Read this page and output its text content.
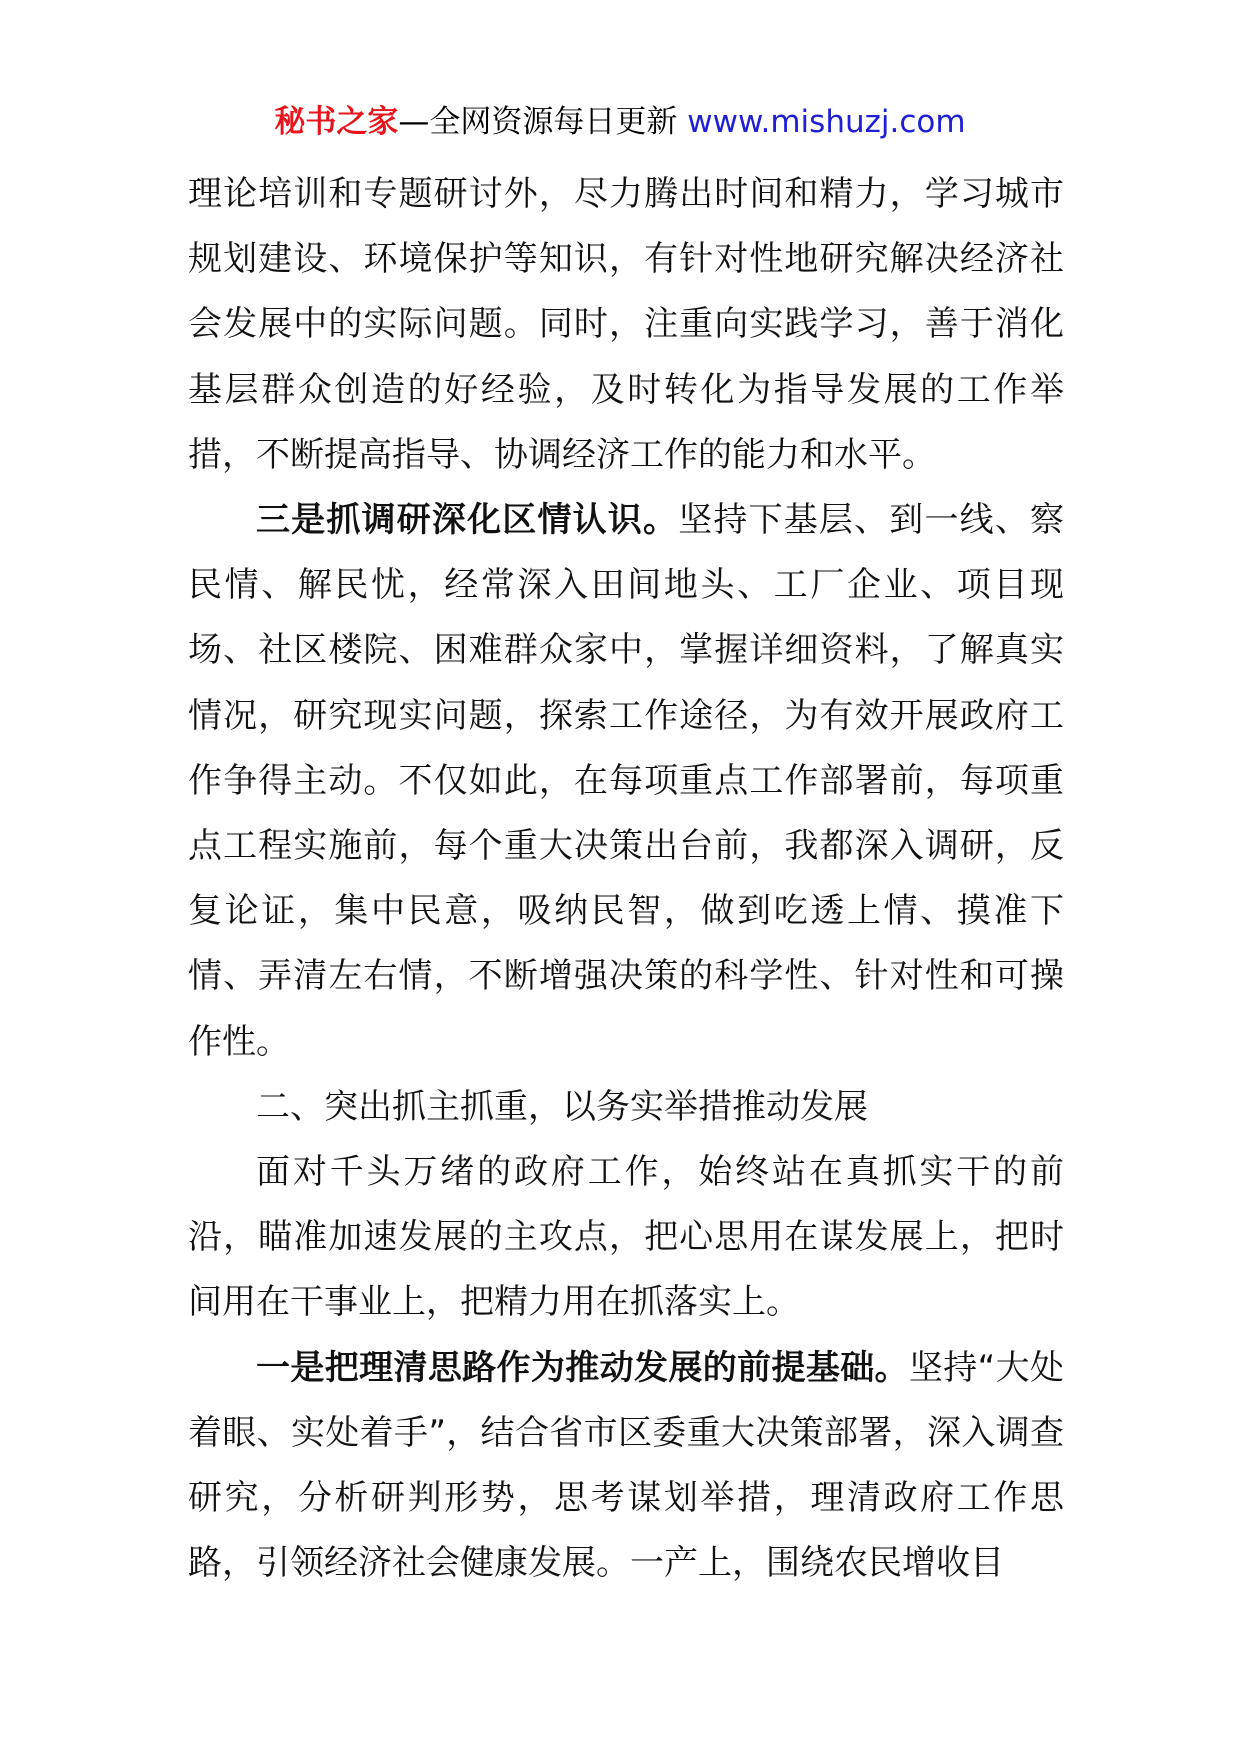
秘书之家—全网资源每日更新 www.mishuzj.com

理论培训和专题研讨外，尽力腾出时间和精力，学习城市规划建设、环境保护等知识，有针对性地研究解决经济社会发展中的实际问题。同时，注重向实践学习，善于消化基层群众创造的好经验，及时转化为指导发展的工作举措，不断提高指导、协调经济工作的能力和水平。

三是抓调研深化区情认识。坚持下基层、到一线、察民情、解民忧，经常深入田间地头、工厂企业、项目现场、社区楼院、困难群众家中，掌握详细资料，了解真实情况，研究现实问题，探索工作途径，为有效开展政府工作争得主动。不仅如此，在每项重点工作部署前，每项重点工程实施前，每个重大决策出台前，我都深入调研，反复论证，集中民意，吸纳民智，做到吃透上情、摸准下情、弄清左右情，不断增强决策的科学性、针对性和可操作性。

二、突出抓主抓重，以务实举措推动发展

面对千头万绪的政府工作，始终站在真抓实干的前沿，瞄准加速发展的主攻点，把心思用在谋发展上，把时间用在干事业上，把精力用在抓落实上。

一是把理清思路作为推动发展的前提基础。坚持“大处着眼、实处着手”，结合省市区委重大决策部署，深入调查研究，分析研判形势，思考谋划举措，理清政府工作思路，引领经济社会健康发展。一产上，围绕农民增收目
